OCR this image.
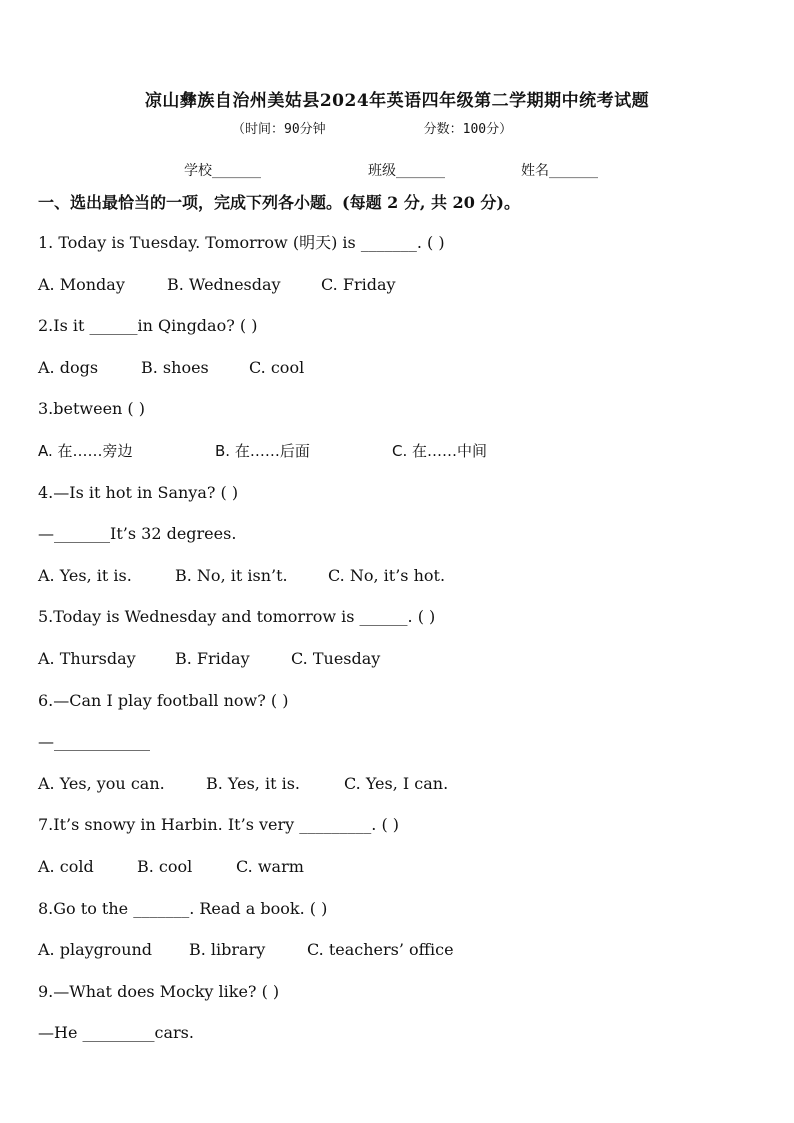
凉山彝族自治州美姑县2024年英语四年级第二学期期中统考试题
（时间：90分钟	分数：100分）
学校_______	班级_______	姓名_______
一、选出最恰当的一项，完成下列各小题。(每题 2 分, 共 20 分)。
1. Today is Tuesday. Tomorrow (明天) is _______. ( )
A. Monday	B. Wednesday	C. Friday
2.Is it ______in Qingdao? ( )
A. dogs	B. shoes	C. cool
3.between ( )
A. 在……旁边	B. 在……后面	C. 在……中间
4.—Is it hot in Sanya? ( )
—_______It’s 32 degrees.
A. Yes, it is.	B. No, it isn’t.	C. No, it’s hot.
5.Today is Wednesday and tomorrow is ______. ( )
A. Thursday B. Friday	C. Tuesday
6.—Can I play football now? ( )
—____________
A. Yes, you can.	B. Yes, it is.	C. Yes, I can.
7.It’s snowy in Harbin. It’s very _________. ( )
A. cold	B. cool	C. warm
8.Go to the _______. Read a book. ( )
A. playground B. library	C. teachers’ office
9.—What does Mocky like? ( )
—He _________cars.
